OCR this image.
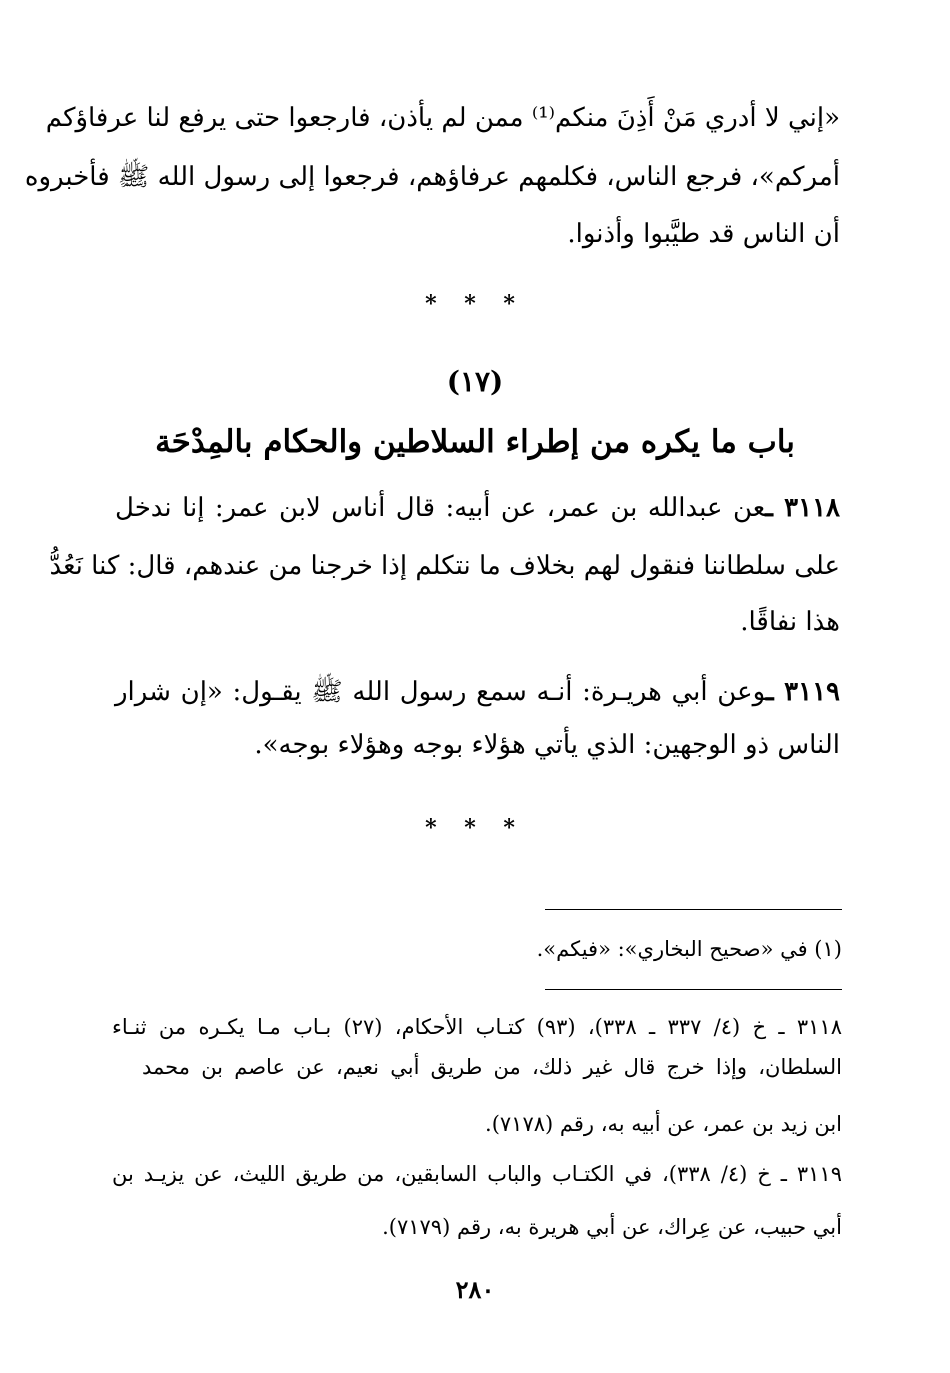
«إني لا أدري مَنْ أَذِنَ منكم⁽¹⁾ ممن لم يأذن، فارجعوا حتى يرفع لنا عرفاؤكم
أمركم»، فرجع الناس، فكلمهم عرفاؤهم، فرجعوا إلى رسول الله ﷺ فأخبروه
أن الناس قد طيَّبوا وأذنوا.
* * *
(١٧)
باب ما يكره من إطراء السلاطين والحكام بالمِدْحَة
٣١١٨ ـعن عبدالله بن عمر، عن أبيه: قال أناس لابن عمر: إنا ندخل
على سلطاننا فنقول لهم بخلاف ما نتكلم إذا خرجنا من عندهم، قال: كنا نَعُدُّ
هذا نفاقًا.
٣١١٩ ـوعن أبي هريـرة: أنـه سمع رسول الله ﷺ يقـول: «إن شرار
الناس ذو الوجهين: الذي يأتي هؤلاء بوجه وهؤلاء بوجه».
* * *
(١) في «صحيح البخاري»: «فيكم».
٣١١٨ ـ خ (٤/ ٣٣٧ ـ ٣٣٨)، (٩٣) كتـاب الأحكام، (٢٧) بـاب مـا يكـره من ثنـاء
السلطان، وإذا خرج قال غير ذلك، من طريق أبي نعيم، عن عاصم بن محمد
ابن زيد بن عمر، عن أبيه به، رقم (٧١٧٨).
٣١١٩ ـ خ (٤/ ٣٣٨)، في الكتـاب والباب السابقين، من طريق الليث، عن يزيـد بن
أبي حبيب، عن عِراك، عن أبي هريرة به، رقم (٧١٧٩).
٢٨٠
